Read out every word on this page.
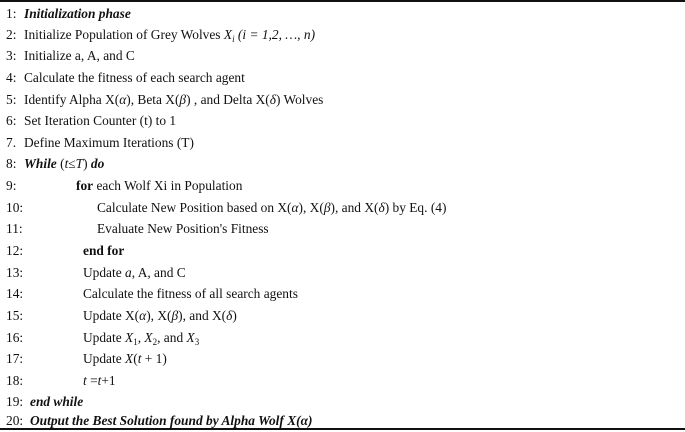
1: Initialization phase
2: Initialize Population of Grey Wolves $X_i$ (i = 1,2, …, n)
3: Initialize a, A, and C
4: Calculate the fitness of each search agent
5: Identify Alpha X(α), Beta X(β) , and Delta X(δ) Wolves
6: Set Iteration Counter (t) to 1
7. Define Maximum Iterations (T)
8: While (t≤T) do
9:	for each Wolf Xi in Population
10:	Calculate New Position based on X(α), X(β), and X(δ) by Eq. (4)
11:	Evaluate New Position's Fitness
12:	end for
13:	Update a, A, and C
14:	Calculate the fitness of all search agents
15:	Update X(α), X(β), and X(δ)
16:	Update $X_1$, $X_2$, and $X_3$
17:	Update X(t + 1)
18:	t =t+1
19: end while
20: Output the Best Solution found by Alpha Wolf X(α)
